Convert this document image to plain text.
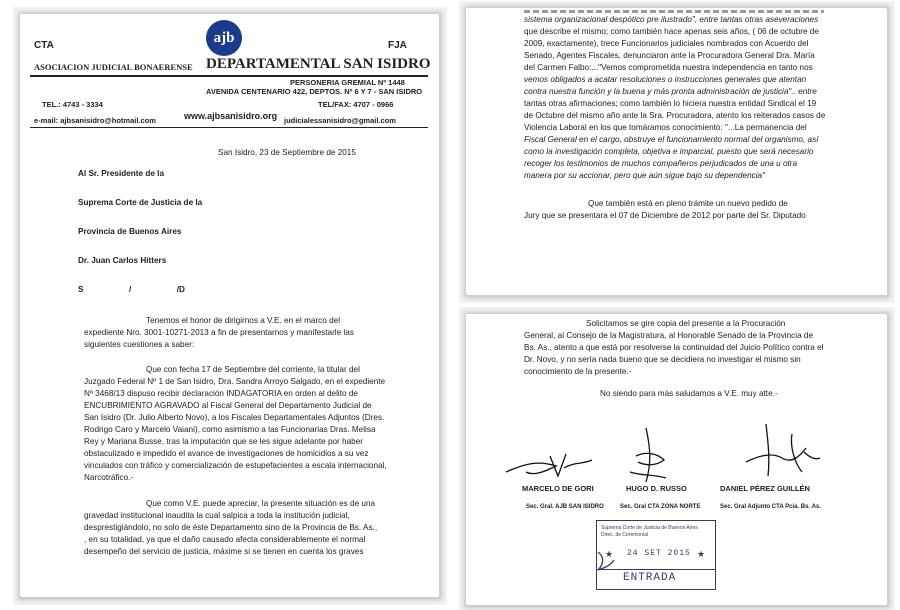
CTA	ajb	FJA
ASOCIACION JUDICIAL BONAERENSE DEPARTAMENTAL SAN ISIDRO
PERSONERIA GREMIAL Nº 1448
AVENIDA CENTENARIO 422, DEPTOS. Nº 6 Y 7 - SAN ISIDRO
TEL.: 4743 - 3334	TEL/FAX: 4707 - 0966
e-mail: ajbsanisidro@hotmail.com	www.ajbsanisidro.org judicialessanisidro@gmail.com
····················································
··········································
··········································
San Isidro, 23 de Septiembre de 2015
Al Sr. Presidente de la
Suprema Corte de Justicia de la
Provincia de Buenos Aires
Dr. Juan Carlos Hitters
S                    /                    /D
Tenemos el honor de dirigirnos a V.E. en el marco del
expediente Nro. 3001-10271-2013 a fin de presentarnos y manifestarle las
siguientes cuestiones a saber:
Que con fecha 17 de Septiembre del corriente, la titular del
Juzgado Federal Nº 1 de San Isidro, Dra. Sandra Arroyo Salgado, en el expediente
Nº 3468/13 dispuso recibir declaración INDAGATORIA en orden al delito de
ENCUBRIMIENTO AGRAVADO al Fiscal General del Departamento Judicial de
San Isidro (Dr. Julio Alberto Novo), a los Fiscales Departamentales Adjuntos (Dres.
Rodrigo Caro y Marcelo Vaiani), como asimismo a las Funcionarias Dras. Melisa
Rey y Mariana Busse, tras la imputación que se les sigue adelante por haber
obstaculizado e impedido el avance de investigaciones de homicidios a su vez
vinculados con tráfico y comercialización de estupefacientes a escala internacional,
Narcotráfico.-
Que como V.E. puede apreciar, la presente situación es de una
gravedad institucional inaudita la cual salpica a toda la institución judicial,
desprestigiándolo, no solo de éste Departamento sino de la Provincia de Bs. As.,
, en su totalidad, ya que el daño causado afecta considerablemente el normal
desempeño del servicio de justicia, máxime si se tienen en cuenta los graves
sistema organizacional despótico pre ilustrado", entre tantas otras aseveraciones
que describe el mismo; como también hace apenas seis años, ( 06 de octubre de
2009, exactamente), trece Funcionarios judiciales nombrados con Acuerdo del
Senado, Agentes Fiscales, denunciaron ante la Procuradora General Dra. María
del Carmen Falbo:..."Vemos comprometida nuestra independencia en tanto nos
vemos obligados a acatar resoluciones o instrucciones generales que atentan
contra nuestra función y la buena y más pronta administración de justicia".. entre
tantas otras afirmaciones; como también lo hiciera nuestra entidad Sindical el 19
de Octubre del mismo año ante la Sra. Procuradora, atento los reiterados casos de
Violencia Laboral en los que tomáramos conocimiento: "...La permanencia del
Fiscal General en el cargo, obstruye el funcionamiento normal del organismo, así
como la investigación completa, objetiva e imparcial, puesto que será necesario
recoger los testimonios de muchos compañeros perjudicados de una u otra
manera por su accionar, pero que aún sigue bajo su dependencia"
Que también está en pleno trámite un nuevo pedido de
Jury que se presentara el 07 de Diciembre de 2012 por parte del Sr. Diputado
Solicitamos se gire copia del presente a la Procuración
General, al Consejo de la Magistratura, al Honorable Senado de la Provincia de
Bs. As., atento a que está por resolverse la continuidad del Juicio Político contra el
Dr. Novo, y no sería nada bueno que se decidiera no investigar el mismo sin
conocimiento de la presente.-
No siendo para más saludamos a V.E. muy atte.-
MARCELO DE GORI	HUGO D. RUSSO	DANIEL PÉREZ GUILLÉN
Sec. Gral. AJB SAN ISIDRO	Sec. Gral CTA ZONA NORTE	Sec. Gral Adjunto CTA Pcia. Bs. As.
Suprema Corte de Justicia de Buenos Aires
Direc. de Ceremonial
★ 24 SET 2015 ★
ENTRADA
